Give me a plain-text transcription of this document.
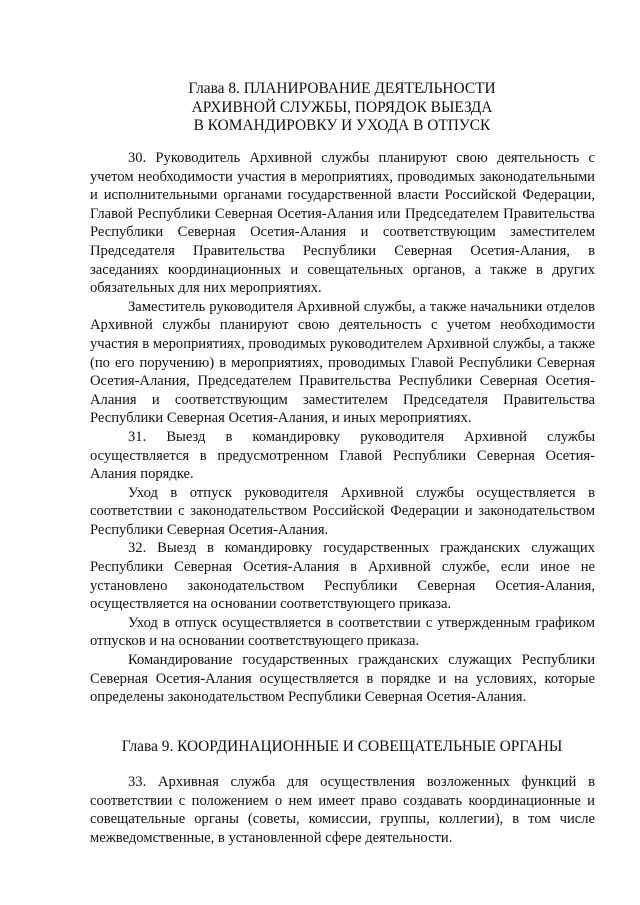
Глава 8. ПЛАНИРОВАНИЕ ДЕЯТЕЛЬНОСТИ
АРХИВНОЙ СЛУЖБЫ, ПОРЯДОК ВЫЕЗДА
В КОМАНДИРОВКУ И УХОДА В ОТПУСК

30. Руководитель Архивной службы планируют свою деятельность с учетом необходимости участия в мероприятиях, проводимых законодательными и исполнительными органами государственной власти Российской Федерации, Главой Республики Северная Осетия-Алания или Председателем Правительства Республики Северная Осетия-Алания и соответствующим заместителем Председателя Правительства Республики Северная Осетия-Алания, в заседаниях координационных и совещательных органов, а также в других обязательных для них мероприятиях.

Заместитель руководителя Архивной службы, а также начальники отделов Архивной службы планируют свою деятельность с учетом необходимости участия в мероприятиях, проводимых руководителем Архивной службы, а также (по его поручению) в мероприятиях, проводимых Главой Республики Северная Осетия-Алания, Председателем Правительства Республики Северная Осетия-Алания и соответствующим заместителем Председателя Правительства Республики Северная Осетия-Алания, и иных мероприятиях.

31. Выезд в командировку руководителя Архивной службы осуществляется в предусмотренном Главой Республики Северная Осетия-Алания порядке.

Уход в отпуск руководителя Архивной службы осуществляется в соответствии с законодательством Российской Федерации и законодательством Республики Северная Осетия-Алания.

32. Выезд в командировку государственных гражданских служащих Республики Северная Осетия-Алания в Архивной службе, если иное не установлено законодательством Республики Северная Осетия-Алания, осуществляется на основании соответствующего приказа.

Уход в отпуск осуществляется в соответствии с утвержденным графиком отпусков и на основании соответствующего приказа.

Командирование государственных гражданских служащих Республики Северная Осетия-Алания осуществляется в порядке и на условиях, которые определены законодательством Республики Северная Осетия-Алания.

Глава 9. КООРДИНАЦИОННЫЕ И СОВЕЩАТЕЛЬНЫЕ ОРГАНЫ

33. Архивная служба для осуществления возложенных функций в соответствии с положением о нем имеет право создавать координационные и совещательные органы (советы, комиссии, группы, коллегии), в том числе межведомственные, в установленной сфере деятельности.
